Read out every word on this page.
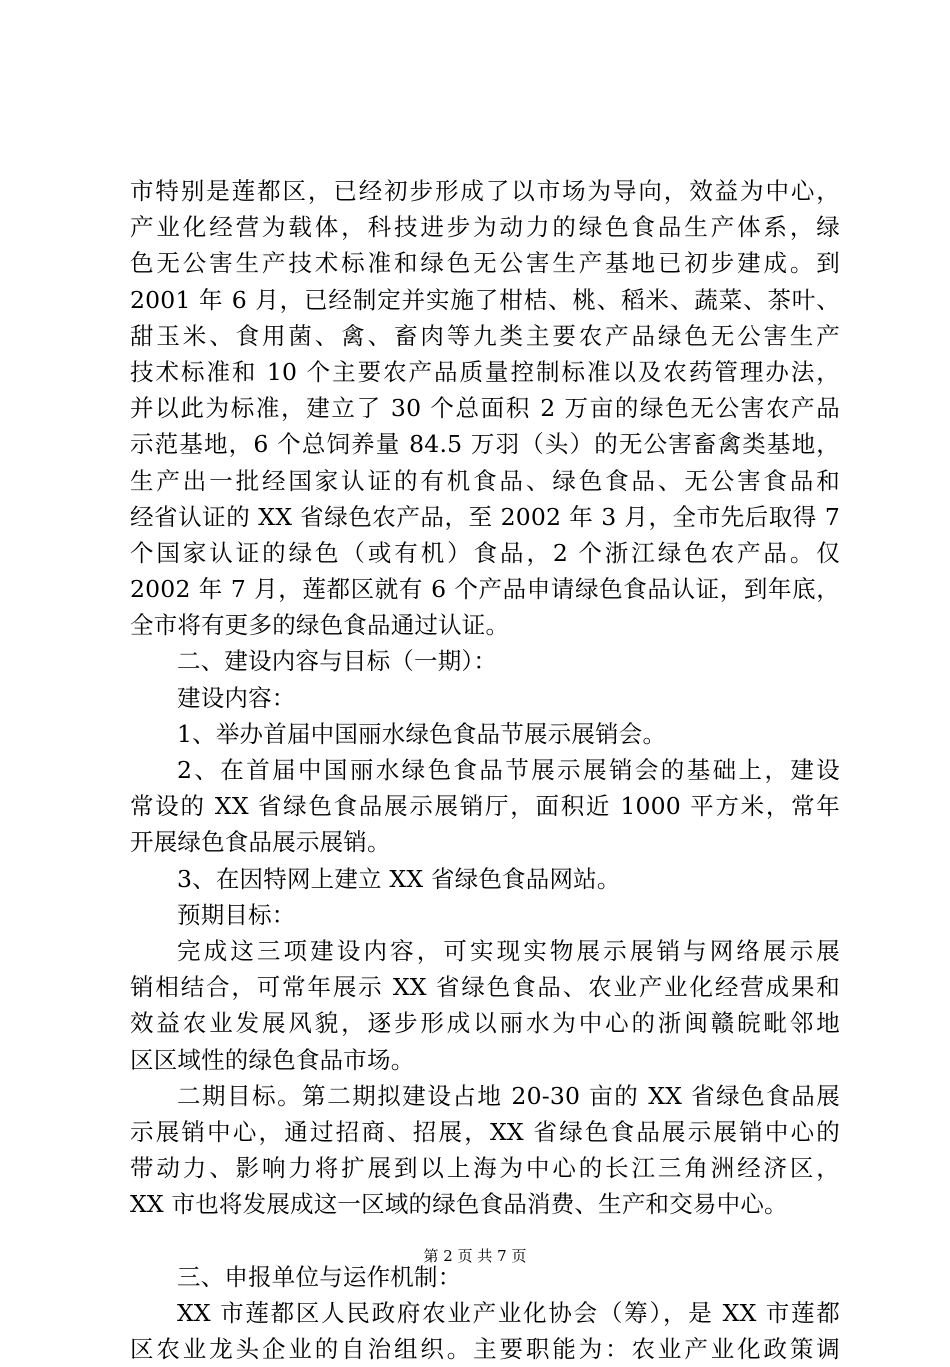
市特别是莲都区，已经初步形成了以市场为导向，效益为中心，
产业化经营为载体，科技进步为动力的绿色食品生产体系，绿
色无公害生产技术标准和绿色无公害生产基地已初步建成。到
2001 年 6 月，已经制定并实施了柑桔、桃、稻米、蔬菜、茶叶、
甜玉米、食用菌、禽、畜肉等九类主要农产品绿色无公害生产
技术标准和 10 个主要农产品质量控制标准以及农药管理办法，
并以此为标准，建立了 30 个总面积 2 万亩的绿色无公害农产品
示范基地，6 个总饲养量 84.5 万羽（头）的无公害畜禽类基地，
生产出一批经国家认证的有机食品、绿色食品、无公害食品和
经省认证的 XX 省绿色农产品，至 2002 年 3 月，全市先后取得 7
个国家认证的绿色（或有机）食品，2 个浙江绿色农产品。仅
2002 年 7 月，莲都区就有 6 个产品申请绿色食品认证，到年底，
全市将有更多的绿色食品通过认证。
二、建设内容与目标（一期）：
建设内容：
1、举办首届中国丽水绿色食品节展示展销会。
2、在首届中国丽水绿色食品节展示展销会的基础上，建设
常设的 XX 省绿色食品展示展销厅，面积近 1000 平方米，常年
开展绿色食品展示展销。
3、在因特网上建立 XX 省绿色食品网站。
预期目标：
完成这三项建设内容，可实现实物展示展销与网络展示展
销相结合，可常年展示 XX 省绿色食品、农业产业化经营成果和
效益农业发展风貌，逐步形成以丽水为中心的浙闽赣皖毗邻地
区区域性的绿色食品市场。
二期目标。第二期拟建设占地 20-30 亩的 XX 省绿色食品展
示展销中心，通过招商、招展，XX 省绿色食品展示展销中心的
带动力、影响力将扩展到以上海为中心的长江三角洲经济区，
XX 市也将发展成这一区域的绿色食品消费、生产和交易中心。
三、申报单位与运作机制：
XX 市莲都区人民政府农业产业化协会（筹），是 XX 市莲都
区农业龙头企业的自治组织。主要职能为：农业产业化政策调
第 2 页 共 7 页
